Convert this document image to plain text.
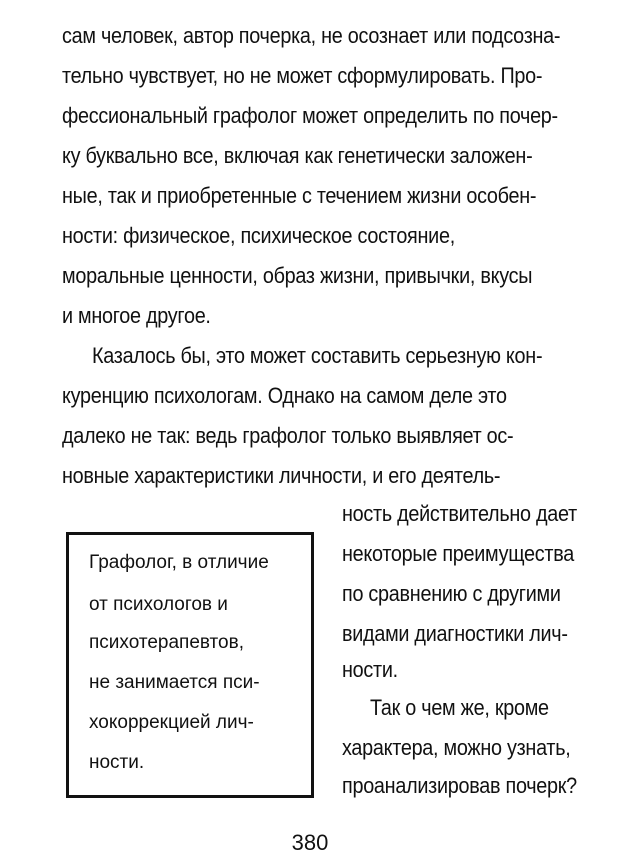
сам человек, автор почерка, не осознает или подсозна-

тельно чувствует, но не может сформулировать. Про-

фессиональный графолог может определить по почер-

ку буквально все, включая как генетически заложен-

ные, так и приобретенные с течением жизни особен-

ности: физическое, психическое состояние,

моральные ценности, образ жизни, привычки, вкусы

и многое другое.

Казалось бы, это может составить серьезную кон-

куренцию психологам. Однако на самом деле это

далеко не так: ведь графолог только выявляет ос-

новные характеристики личности, и его деятель-

ность действительно дает

некоторые преимущества

по сравнению с другими

видами диагностики лич-

ности.

Так о чем же, кроме

характера, можно узнать,

проанализировав почерк?

Графолог, в отличие

от психологов и

психотерапевтов,

не занимается пси-

хокоррекцией лич-

ности.

380
